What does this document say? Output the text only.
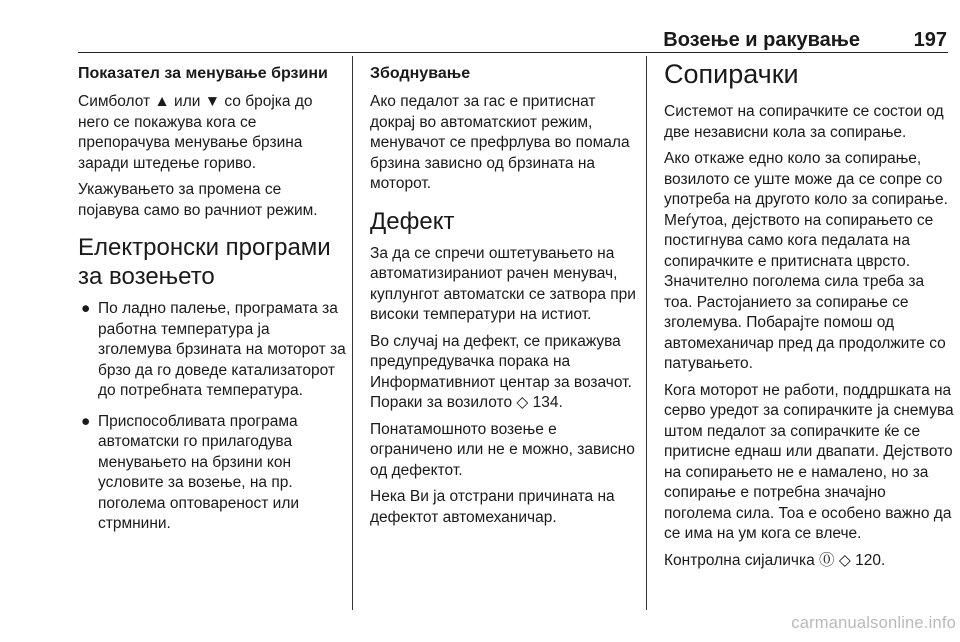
Возење и ракување	197
Показател за менување брзини

Симболот ▲ или ▼ со бројка до него се покажува кога се препорачува менување брзина заради штедење гориво.

Укажувањето за промена се појавува само во рачниот режим.

Електронски програми за возењето
● По ладно палење, програмата за работна температура ја зголемува брзината на моторот за брзо да го доведе катализаторот до потребната температура.
● Приспособливата програма автоматски го прилагодува менувањето на брзини кон условите за возење, на пр. поголема оптовареност или стрмнини.
Збоднување

Ако педалот за гас е притиснат докрај во автоматскиот режим, менувачот се префрлува во помала брзина зависно од брзината на моторот.

Дефект

За да се спречи оштетувањето на автоматизираниот рачен менувач, куплунгот автоматски се затвора при високи температури на истиот.

Во случај на дефект, се прикажува предупредувачка порака на Информативниот центар за возачот. Пораки за возилото ◇ 134.

Понатамошното возење е ограничено или не е можно, зависно од дефектот.

Нека Ви ја отстрани причината на дефектот автомеханичар.

Сопирачки

Системот на сопирачките се состои од две независни кола за сопирање.

Ако откаже едно коло за сопирање, возилото се уште може да се сопре со употреба на другото коло за сопирање. Меѓутоа, дејството на сопирањето се постигнува само кога педалата на сопирачките е притисната цврсто. Значително поголема сила треба за тоа. Растојанието за сопирање се зголемува. Побарајте помош од автомеханичар пред да продолжите со патувањето.

Кога моторот не работи, поддршката на серво уредот за сопирачките ја снемува штом педалот за сопирачките ќе се притисне еднаш или двапати. Дејството на сопирањето не е намалено, но за сопирање е потребна значајно поголема сила. Тоа е особено важно да се има на ум кога се влече.

Контролна сијаличка ⓪ ◇ 120.

carmanualsonline.info
